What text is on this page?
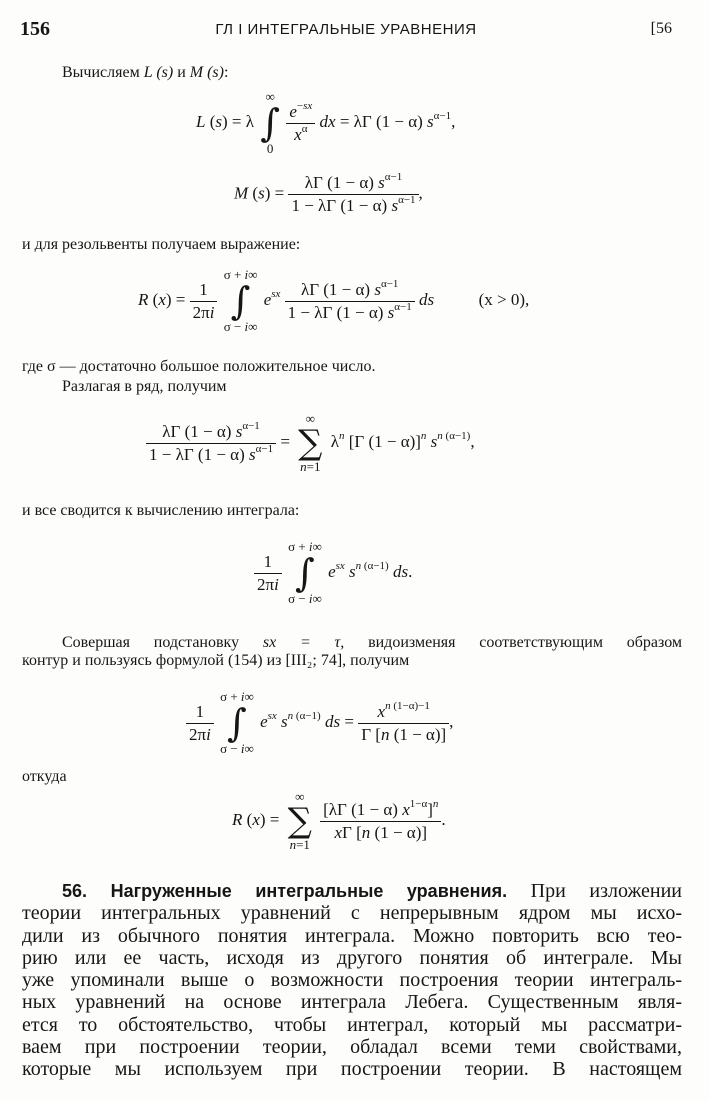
156	ГЛ I ИНТЕГРАЛЬНЫЕ УРАВНЕНИЯ	[56
Вычисляем L (s) и M (s):
L (s) = λ
∞
∫
0

$\frac{e^{-sx}}{x^\alpha}$ dx = λΓ (1 − α) $s^{\alpha-1}$,
M $(s) = \frac{\lambda\Gamma (1 - \alpha) s^{\alpha-1}}{1 - \lambda\Gamma (1 - \alpha) s^{\alpha-1}}$ ,
и для резольвенты получаем выражение:
R $(x) = \frac{1}{2\pi i}$

σ + i∞
∫
σ − i∞
$e^{sx} \frac{\lambda\Gamma (1 - \alpha) s^{\alpha-1}}{1 - \lambda\Gamma (1 - \alpha) s^{\alpha-1}}$ ds	(x > 0),
где σ — достаточно большое положительное число.
Разлагая в ряд, получим
$\frac{\lambda\Gamma (1 - \alpha) s^{\alpha-1}}{1 - \lambda\Gamma (1 - \alpha) s^{\alpha-1}}$ =
∞
∑
n=1
$\lambda^n$ [Γ (1 − α)]$^n$ $s^{n (\alpha-1)}$,
и все сводится к вычислению интеграла:
$\frac{1}{2\pi i}$

σ + i∞
∫
σ − i∞
$e^{sx}$ $s^{n (\alpha-1)}$ ds.
Совершая подстановку sx = τ, видоизменяя соответствующим образом
контур и пользуясь формулой (154) из [III₂; 74], получим
$\frac{1}{2\pi i}$

σ + i∞
∫
σ − i∞
$e^{sx}$ $s^{n (\alpha-1)}$ ds = $\frac{x^{n (1-\alpha)-1}}{\Gamma [n (1 - \alpha)]}$ ,
откуда
R (x) =
∞
∑
n=1

$\frac{[\lambda\Gamma (1 - \alpha) x^{1-\alpha}]^n}{x\Gamma [n (1 - \alpha)]}$ .
56. Нагруженные интегральные уравнения. При изложении
теории интегральных уравнений с непрерывным ядром мы исхо-
дили из обычного понятия интеграла. Можно повторить всю тео-
рию или ее часть, исходя из другого понятия об интеграле. Мы
уже упоминали выше о возможности построения теории интеграль-
ных уравнений на основе интеграла Лебега. Существенным явля-
ется то обстоятельство, чтобы интеграл, который мы рассматри-
ваем при построении теории, обладал всеми теми свойствами,
которые мы используем при построении теории. В настоящем
